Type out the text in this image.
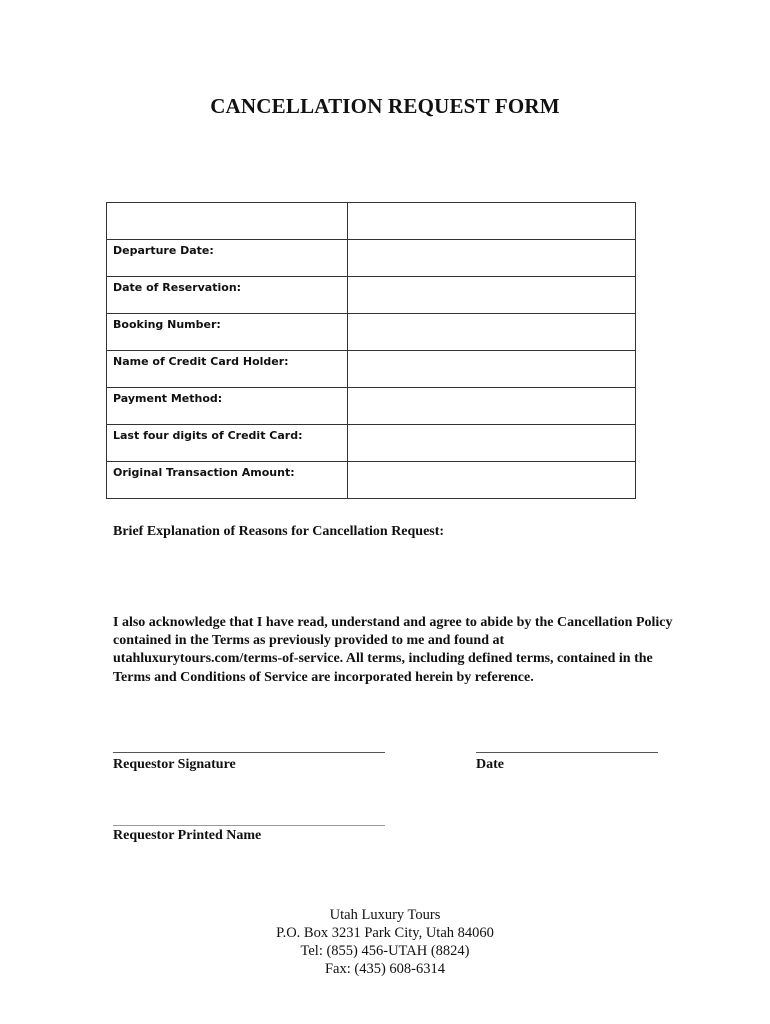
CANCELLATION REQUEST FORM

Departure Date:	

Date of Reservation:	

Booking Number:	

Name of Credit Card Holder:	

Payment Method:	

Last four digits of Credit Card:	

Original Transaction Amount:	

Brief Explanation of Reasons for Cancellation Request:
I also acknowledge that I have read, understand and agree to abide by the Cancellation Policy contained in the Terms as previously provided to me and found at utahluxurytours.com/terms-of-service. All terms, including defined terms, contained in the Terms and Conditions of Service are incorporated herein by reference.
Requestor Signature	Date
Requestor Printed Name
Utah Luxury Tours
P.O. Box 3231 Park City, Utah 84060
Tel: (855) 456-UTAH (8824)
Fax: (435) 608-6314
